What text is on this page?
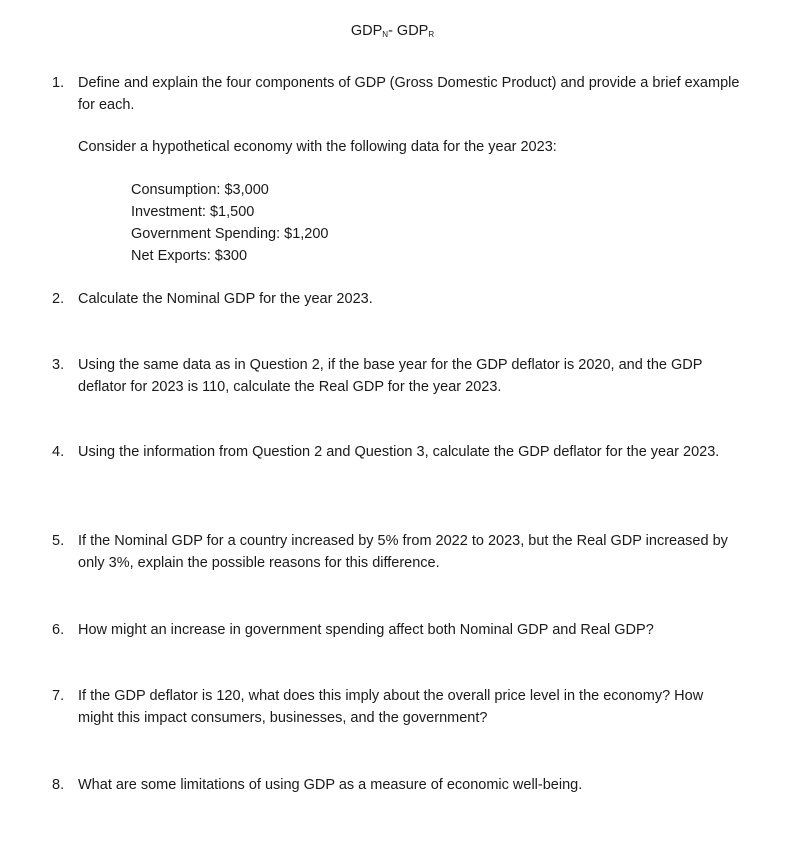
$GDP_N-$ $GDP_R$
1. Define and explain the four components of GDP (Gross Domestic Product) and provide a brief example for each.
Consider a hypothetical economy with the following data for the year 2023:
Consumption: $3,000
Investment: $1,500
Government Spending: $1,200
Net Exports: $300
2. Calculate the Nominal GDP for the year 2023.
3. Using the same data as in Question 2, if the base year for the GDP deflator is 2020, and the GDP deflator for 2023 is 110, calculate the Real GDP for the year 2023.
4. Using the information from Question 2 and Question 3, calculate the GDP deflator for the year 2023.
5. If the Nominal GDP for a country increased by 5% from 2022 to 2023, but the Real GDP increased by only 3%, explain the possible reasons for this difference.
6. How might an increase in government spending affect both Nominal GDP and Real GDP?
7. If the GDP deflator is 120, what does this imply about the overall price level in the economy? How might this impact consumers, businesses, and the government?
8. What are some limitations of using GDP as a measure of economic well-being.
